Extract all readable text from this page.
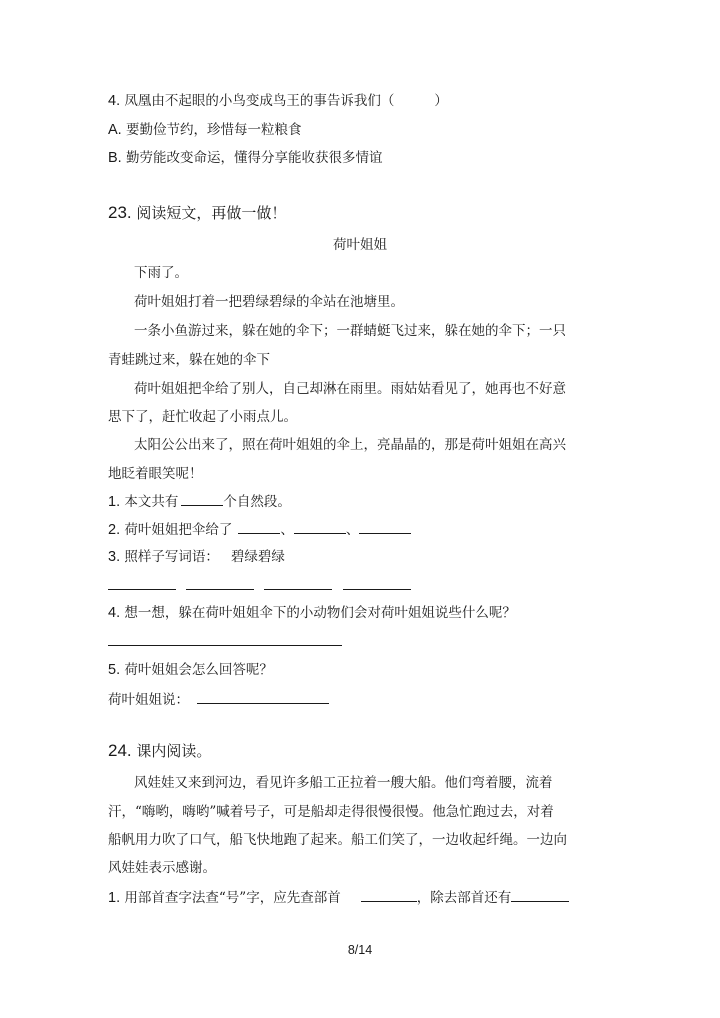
4. 凤凰由不起眼的小鸟变成鸟王的事告诉我们（	）
A. 要勤俭节约，珍惜每一粒粮食
B. 勤劳能改变命运，懂得分享能收获很多情谊
23. 阅读短文，再做一做！
荷叶姐姐
下雨了。
荷叶姐姐打着一把碧绿碧绿的伞站在池塘里。
一条小鱼游过来，躲在她的伞下；一群蜻蜓飞过来，躲在她的伞下；一只
青蛙跳过来，躲在她的伞下
荷叶姐姐把伞给了别人，自己却淋在雨里。雨姑姑看见了，她再也不好意
思下了，赶忙收起了小雨点儿。
太阳公公出来了，照在荷叶姐姐的伞上，亮晶晶的，那是荷叶姐姐在高兴
地眨着眼笑呢！
1. 本文共有	个自然段。
2. 荷叶姐姐把伞给了	、	、
3. 照样子写词语： 碧绿碧绿
4. 想一想，躲在荷叶姐姐伞下的小动物们会对荷叶姐姐说些什么呢？
5. 荷叶姐姐会怎么回答呢？
荷叶姐姐说：
24. 课内阅读。
风娃娃又来到河边，看见许多船工正拉着一艘大船。他们弯着腰，流着
汗，“嗨哟，嗨哟”喊着号子，可是船却走得很慢很慢。他急忙跑过去，对着
船帆用力吹了口气，船飞快地跑了起来。船工们笑了，一边收起纤绳。一边向
风娃娃表示感谢。
1. 用部首查字法查“号”字，应先查部首	，除去部首还有
8/14
